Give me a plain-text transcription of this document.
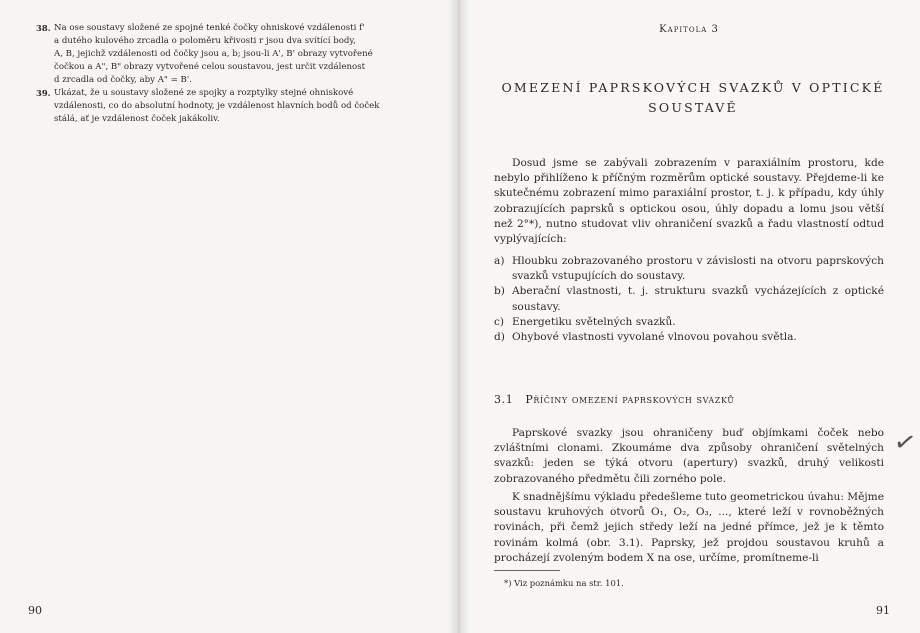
38. Na ose soustavy složené ze spojné tenké čočky ohniskové vzdálenosti f'

a dutého kulového zrcadla o poloměru křivosti r jsou dva svítící body,

A, B, jejichž vzdálenosti od čočky jsou a, b; jsou-li A', B' obrazy vytvořené

čočkou a A", B" obrazy vytvořené celou soustavou, jest určit vzdálenost

d zrcadla od čočky, aby A" = B'.

39. Ukázat, že u soustavy složené ze spojky a rozptylky stejné ohniskové

vzdálenosti, co do absolutní hodnoty, je vzdálenost hlavních bodů od čoček

stálá, ať je vzdálenost čoček jakákoliv.

90
Kapitola 3
OMEZENÍ PAPRSKOVÝCH SVAZKŮ V OPTICKÉ
SOUSTAVĚ

Dosud jsme se zabývali zobrazením v paraxiálním prostoru, kde nebylo přihlíženo k příčným rozměrům optické soustavy. Přejdeme-li ke skutečnému zobrazení mimo paraxiální prostor, t. j. k případu, kdy úhly zobrazujících paprsků s optickou osou, úhly dopadu a lomu jsou větší než 2°*), nutno studovat vliv ohraničení svazků a řadu vlastností odtud vyplývajících:

a) Hloubku zobrazovaného prostoru v závislosti na otvoru paprskových svazků vstupujících do soustavy.
b) Aberační vlastnosti, t. j. strukturu svazků vycházejících z optické soustavy.
c) Energetiku světelných svazků.
d) Ohybové vlastnosti vyvolané vlnovou povahou světla.
3.1 Příčiny omezení paprskových svazků

Paprskové svazky jsou ohraničeny buď objímkami čoček nebo zvláštními clonami. Zkoumáme dva způsoby ohraničení světelných svazků: jeden se týká otvoru (apertury) svazků, druhý velikosti zobrazovaného předmětu čili zorného pole.

K snadnějšímu výkladu předešleme tuto geometrickou úvahu: Mějme soustavu kruhových otvorů O₁, O₂, O₃, ..., které leží v rovnoběžných rovinách, při čemž jejich středy leží na jedné přímce, jež je k těmto rovinám kolmá (obr. 3.1). Paprsky, jež projdou soustavou kruhů a procházejí zvoleným bodem X na ose, určíme, promítneme-li

✓
*) Viz poznámku na str. 101.
91
